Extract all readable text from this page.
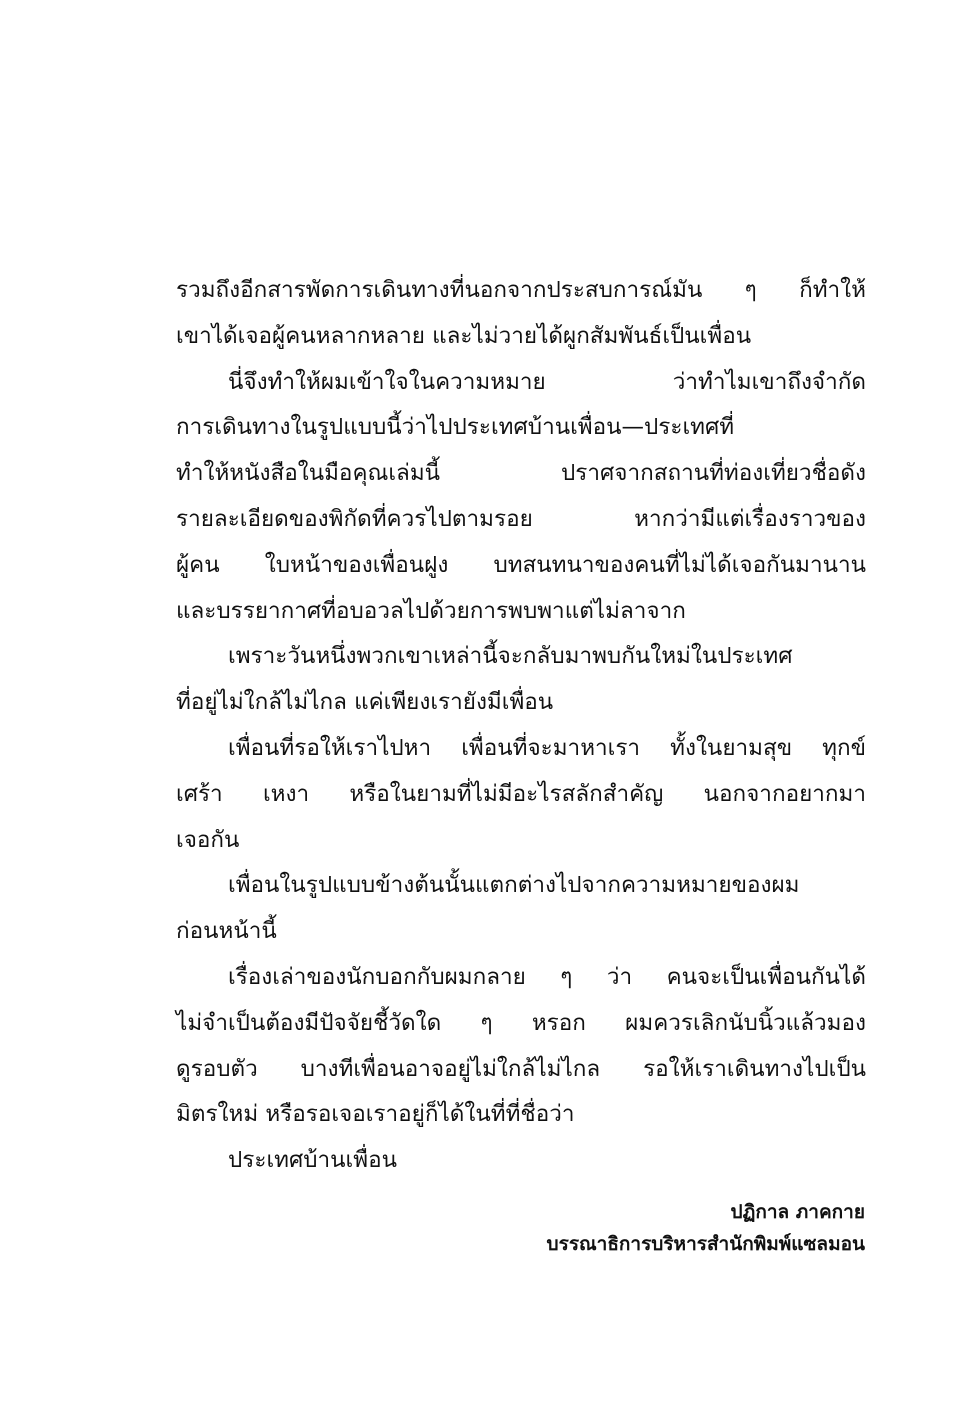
รวมถึงอีกสารพัดการเดินทางที่นอกจากประสบการณ์มัน ๆ ก็ทำให้
เขาได้เจอผู้คนหลากหลาย และไม่วายได้ผูกสัมพันธ์เป็นเพื่อน
นี่จึงทำให้ผมเข้าใจในความหมาย ว่าทำไมเขาถึงจำกัด
การเดินทางในรูปแบบนี้ว่าไปประเทศบ้านเพื่อน—ประเทศที่
ทำให้หนังสือในมือคุณเล่มนี้ ปราศจากสถานที่ท่องเที่ยวชื่อดัง
รายละเอียดของพิกัดที่ควรไปตามรอย หากว่ามีแต่เรื่องราวของ
ผู้คน ใบหน้าของเพื่อนฝูง บทสนทนาของคนที่ไม่ได้เจอกันมานาน
และบรรยากาศที่อบอวลไปด้วยการพบพาแต่ไม่ลาจาก
เพราะวันหนึ่งพวกเขาเหล่านี้จะกลับมาพบกันใหม่ในประเทศ
ที่อยู่ไม่ใกล้ไม่ไกล แค่เพียงเรายังมีเพื่อน
เพื่อนที่รอให้เราไปหา เพื่อนที่จะมาหาเรา ทั้งในยามสุข ทุกข์
เศร้า เหงา หรือในยามที่ไม่มีอะไรสลักสำคัญ นอกจากอยากมา
เจอกัน
เพื่อนในรูปแบบข้างต้นนั้นแตกต่างไปจากความหมายของผม
ก่อนหน้านี้
เรื่องเล่าของนักบอกกับผมกลาย ๆ ว่า คนจะเป็นเพื่อนกันได้
ไม่จำเป็นต้องมีปัจจัยชี้วัดใด ๆ หรอก ผมควรเลิกนับนิ้วแล้วมอง
ดูรอบตัว บางทีเพื่อนอาจอยู่ไม่ใกล้ไม่ไกล รอให้เราเดินทางไปเป็น
มิตรใหม่ หรือรอเจอเราอยู่ก็ได้ในที่ที่ชื่อว่า
ประเทศบ้านเพื่อน
ปฏิกาล ภาคกาย
บรรณาธิการบริหารสำนักพิมพ์แซลมอน
